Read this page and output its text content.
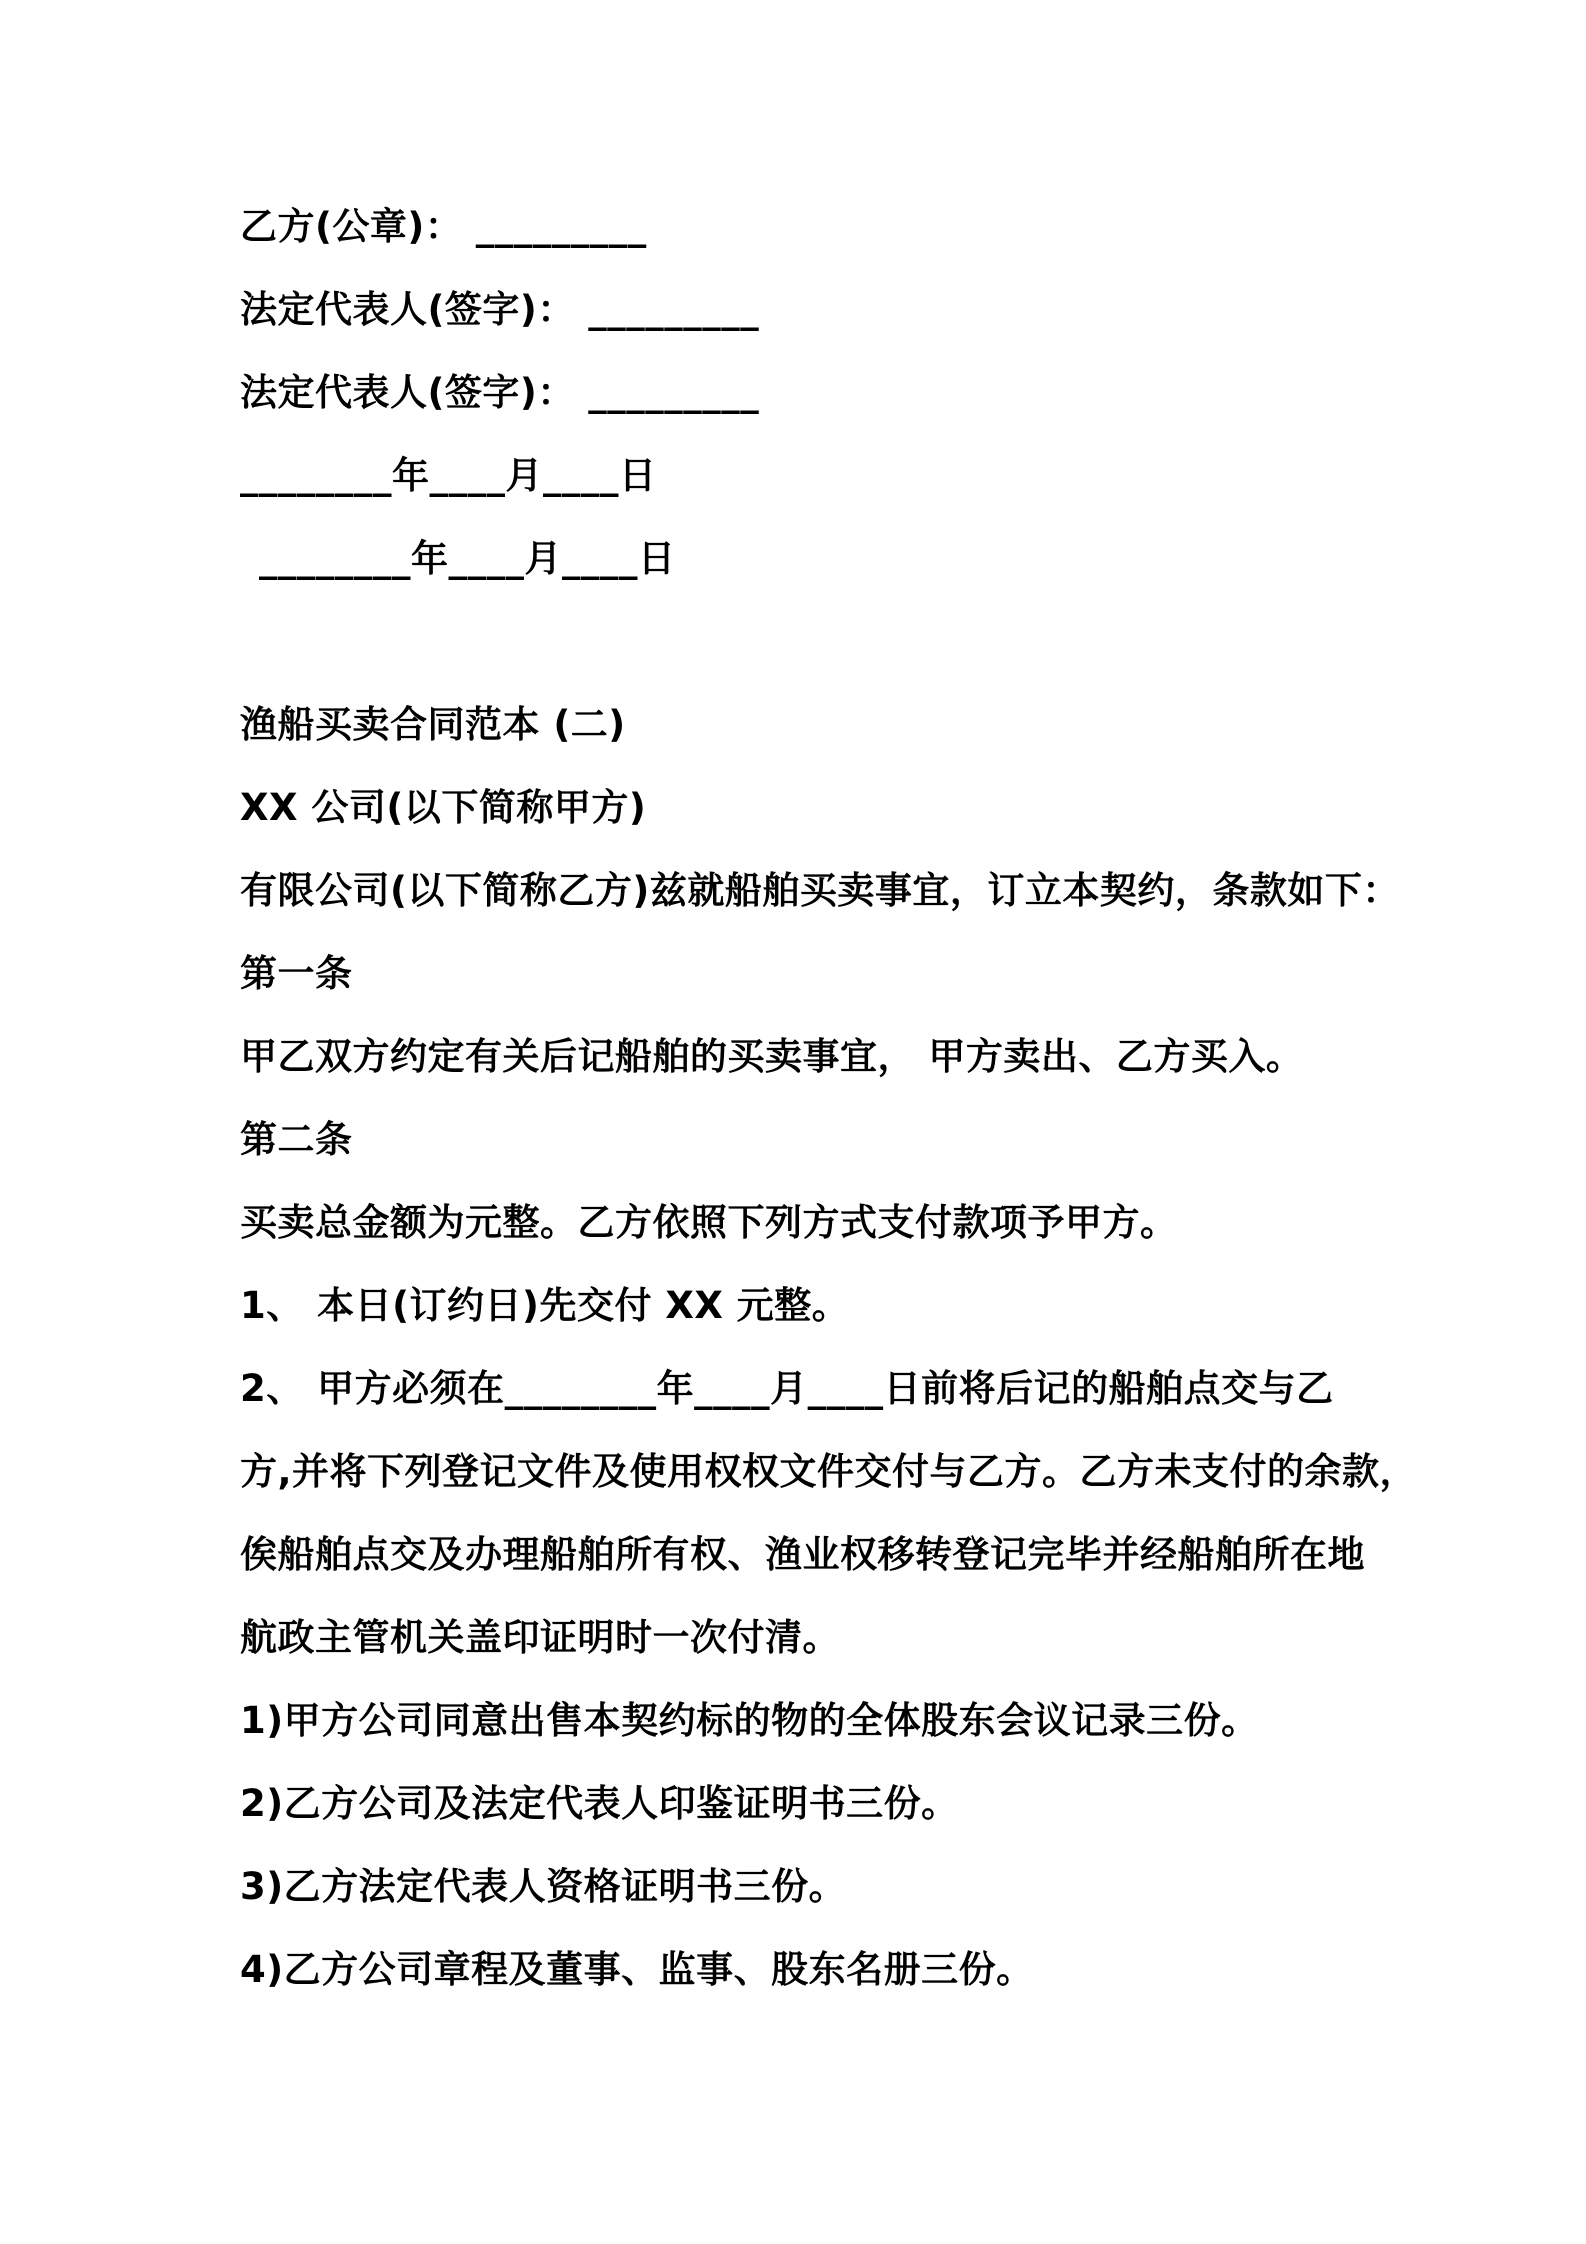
乙方(公章)： _________
法定代表人(签字)： _________
法定代表人(签字)： _________
________年____月____日
 ________年____月____日
渔船买卖合同范本 (二)
XX 公司(以下简称甲方)
有限公司(以下简称乙方)兹就船舶买卖事宜，订立本契约，条款如下：
第一条
甲乙双方约定有关后记船舶的买卖事宜， 甲方卖出、乙方买入。
第二条
买卖总金额为元整。乙方依照下列方式支付款项予甲方。
1、 本日(订约日)先交付 XX 元整。
2、 甲方必须在________年____月____日前将后记的船舶点交与乙
方,并将下列登记文件及使用权权文件交付与乙方。乙方未支付的余款，
俟船舶点交及办理船舶所有权、渔业权移转登记完毕并经船舶所在地
航政主管机关盖印证明时一次付清。
1)甲方公司同意出售本契约标的物的全体股东会议记录三份。
2)乙方公司及法定代表人印鉴证明书三份。
3)乙方法定代表人资格证明书三份。
4)乙方公司章程及董事、监事、股东名册三份。
